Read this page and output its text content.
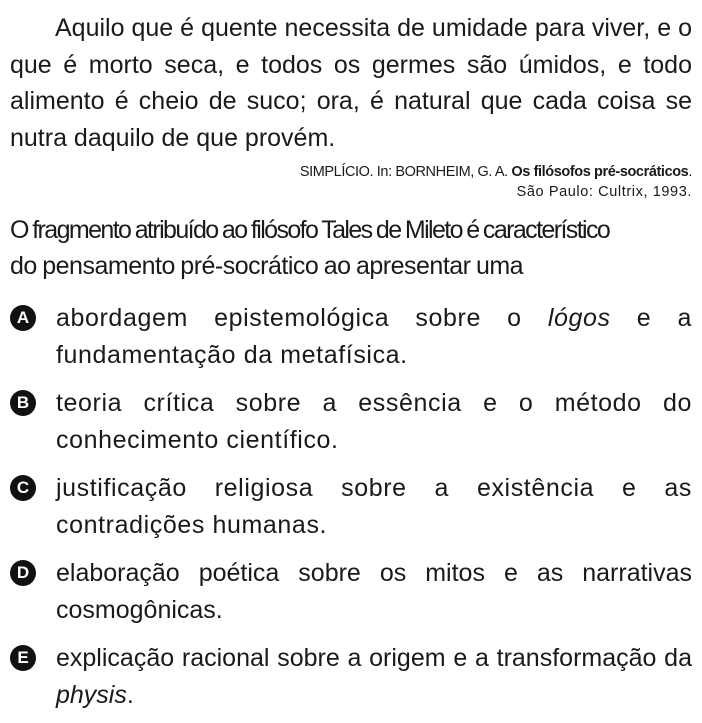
Aquilo que é quente necessita de umidade para viver, e o que é morto seca, e todos os germes são úmidos, e todo alimento é cheio de suco; ora, é natural que cada coisa se nutra daquilo de que provém.

SIMPLÍCIO. In: BORNHEIM, G. A. Os filósofos pré-socráticos.
São Paulo: Cultrix, 1993.
O fragmento atribuído ao filósofo Tales de Mileto é característico
do pensamento pré-socrático ao apresentar uma
A abordagem epistemológica sobre o lógos e a fundamentação da metafísica.
B teoria crítica sobre a essência e o método do conhecimento científico.
C justificação religiosa sobre a existência e as contradições humanas.
D elaboração poética sobre os mitos e as narrativas cosmogônicas.
E explicação racional sobre a origem e a transformação da physis.
